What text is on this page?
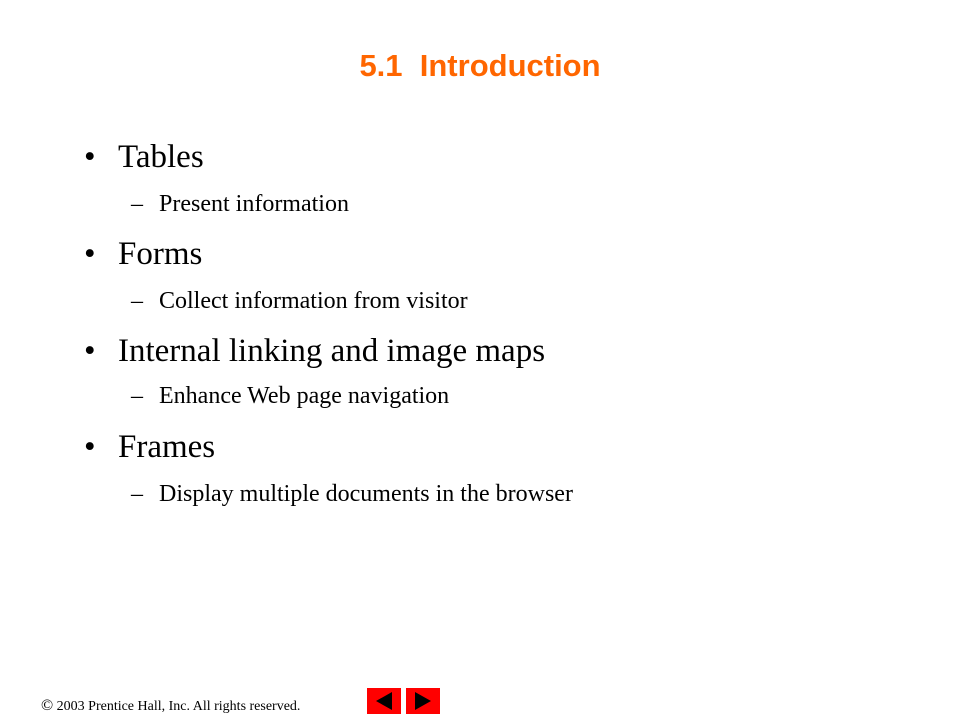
5.1  Introduction
• Tables
– Present information
• Forms
– Collect information from visitor
• Internal linking and image maps
– Enhance Web page navigation
• Frames
– Display multiple documents in the browser
© 2003 Prentice Hall, Inc. All rights reserved.
